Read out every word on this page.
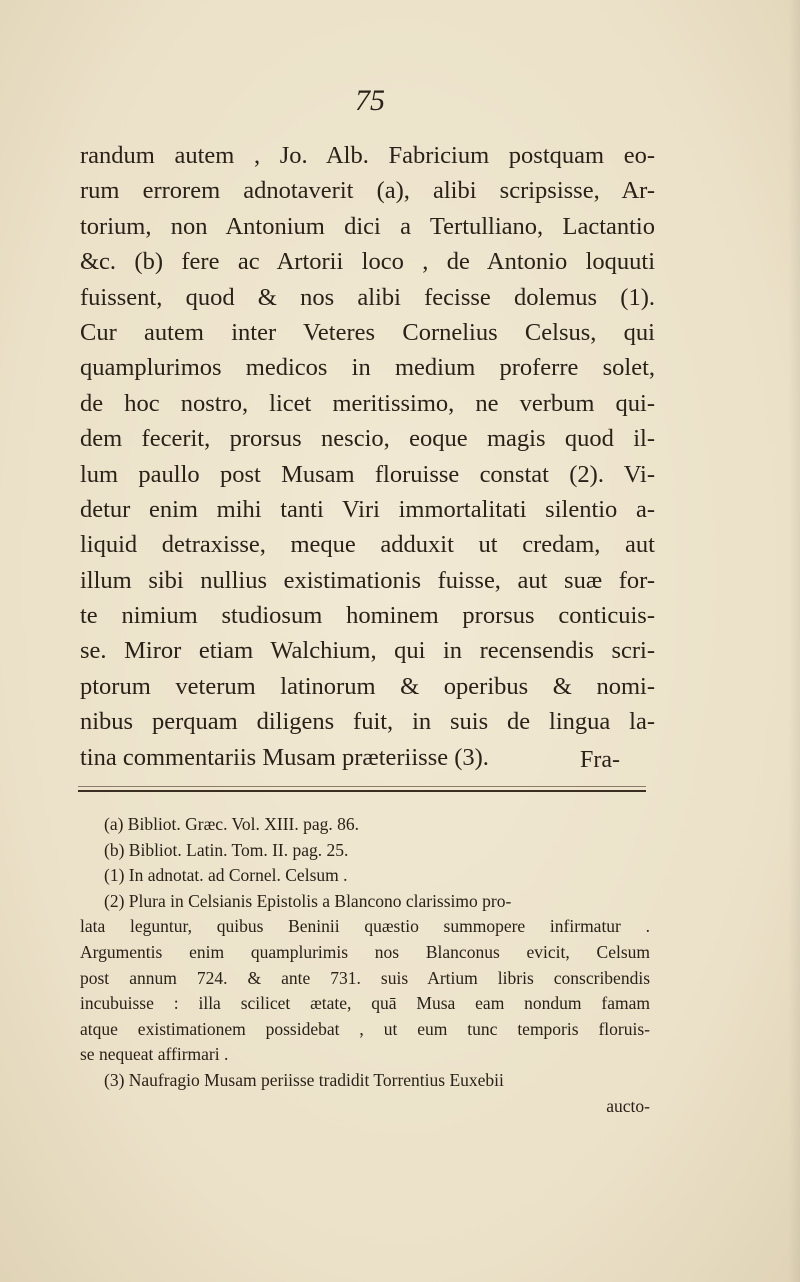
75
randum autem , Jo. Alb. Fabricium postquam eo-
rum errorem adnotaverit (a), alibi scripsisse, Ar-
torium, non Antonium dici a Tertulliano, Lactantio
&c. (b) fere ac Artorii loco , de Antonio loquuti
fuissent, quod & nos alibi fecisse dolemus (1).
Cur autem inter Veteres Cornelius Celsus, qui
quamplurimos medicos in medium proferre solet,
de hoc nostro, licet meritissimo, ne verbum qui-
dem fecerit, prorsus nescio, eoque magis quod il-
lum paullo post Musam floruisse constat (2). Vi-
detur enim mihi tanti Viri immortalitati silentio a-
liquid detraxisse, meque adduxit ut credam, aut
illum sibi nullius existimationis fuisse, aut suæ for-
te nimium studiosum hominem prorsus conticuis-
se. Miror etiam Walchium, qui in recensendis scri-
ptorum veterum latinorum & operibus & nomi-
nibus perquam diligens fuit, in suis de lingua la-
tina commentariis Musam præteriisse (3).	Fra-
(a) Bibliot. Græc. Vol. XIII. pag. 86.
(b) Bibliot. Latin. Tom. II. pag. 25.
(1) In adnotat. ad Cornel. Celsum .
(2) Plura in Celsianis Epistolis a Blancono clarissimo pro-
lata leguntur, quibus Beninii quæstio summopere infirmatur .
Argumentis enim quamplurimis nos Blanconus evicit, Celsum
post annum 724. & ante 731. suis Artium libris conscribendis
incubuisse : illa scilicet ætate, quā Musa eam nondum famam
atque existimationem possidebat , ut eum tunc temporis floruis-
se nequeat affirmari .
(3) Naufragio Musam periisse tradidit Torrentius Euxebii
aucto-
